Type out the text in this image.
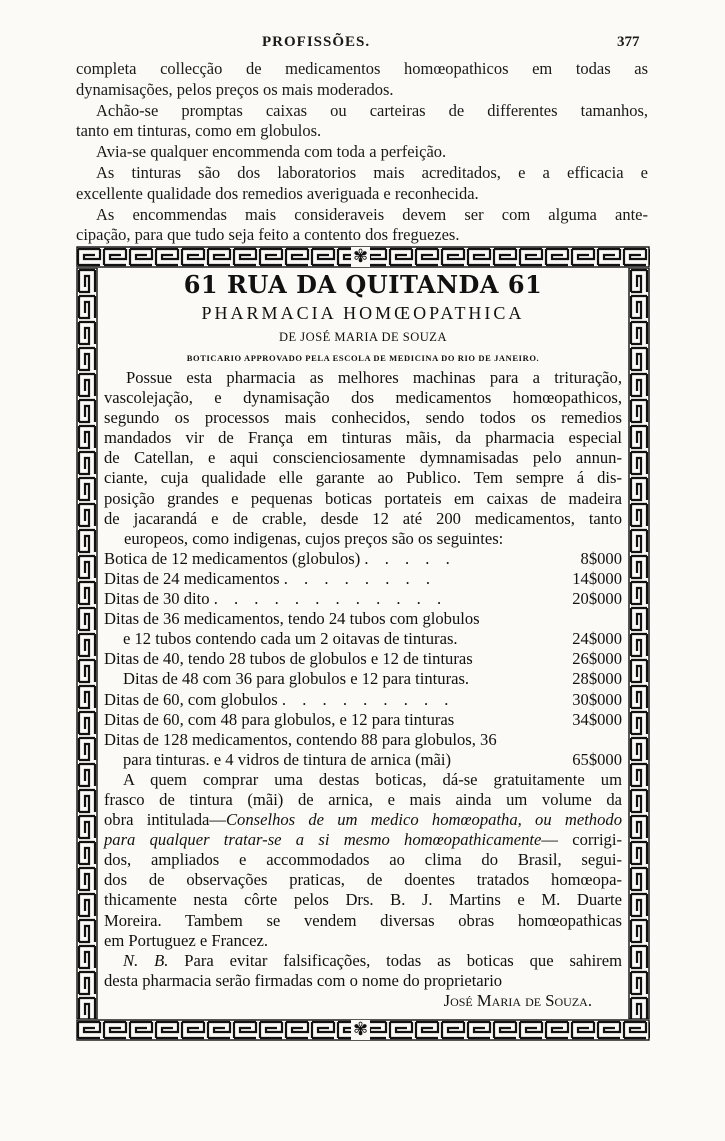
PROFISSÕES.	377
completa collecção de medicamentos homœopathicos em todas as
dynamisações, pelos preços os mais moderados.
Achão-se promptas caixas ou carteiras de differentes tamanhos,
tanto em tinturas, como em globulos.
Avia-se qualquer encommenda com toda a perfeição.
As tinturas são dos laboratorios mais acreditados, e a efficacia e
excellente qualidade dos remedios averiguada e reconhecida.
As encommendas mais consideraveis devem ser com alguma ante-
cipação, para que tudo seja feito a contento dos freguezes.
✾
✾
61 RUA DA QUITANDA 61
PHARMACIA HOMŒOPATHICA
DE JOSÉ MARIA DE SOUZA
BOTICARIO APPROVADO PELA ESCOLA DE MEDICINA DO RIO DE JANEIRO.
Possue esta pharmacia as melhores machinas para a trituração,
vascolejação, e dynamisação dos medicamentos homœopathicos,
segundo os processos mais conhecidos, sendo todos os remedios
mandados vir de França em tinturas mãis, da pharmacia especial
de Catellan, e aqui conscienciosamente dymnamisadas pelo annun-
ciante, cuja qualidade elle garante ao Publico. Tem sempre á dis-
posição grandes e pequenas boticas portateis em caixas de madeira
de jacarandá e de crable, desde 12 até 200 medicamentos, tanto
europeos, como indigenas, cujos preços são os seguintes:
Botica de 12 medicamentos (globulos) . . . . .	8$000
Ditas de 24 medicamentos . . . . . . . .	14$000
Ditas de 30 dito . . . . . . . . . . . .	20$000
Ditas de 36 medicamentos, tendo 24 tubos com globulos
e 12 tubos contendo cada um 2 oitavas de tinturas.	24$000
Ditas de 40, tendo 28 tubos de globulos e 12 de tinturas	26$000
Ditas de 48 com 36 para globulos e 12 para tinturas.	28$000
Ditas de 60, com globulos . . . . . . . . .	30$000
Ditas de 60, com 48 para globulos, e 12 para tinturas	34$000
Ditas de 128 medicamentos, contendo 88 para globulos, 36
para tinturas. e 4 vidros de tintura de arnica (mãi)	65$000
A quem comprar uma destas boticas, dá-se gratuitamente um
frasco de tintura (mãi) de arnica, e mais ainda um volume da
obra intitulada—Conselhos de um medico homœopatha, ou methodo
para qualquer tratar-se a si mesmo homœopathicamente— corrigi-
dos, ampliados e accommodados ao clima do Brasil, segui-
dos de observações praticas, de doentes tratados homœopa-
thicamente nesta côrte pelos Drs. B. J. Martins e M. Duarte
Moreira. Tambem se vendem diversas obras homœopathicas
em Portuguez e Francez.
N. B. Para evitar falsificações, todas as boticas que sahirem
desta pharmacia serão firmadas com o nome do proprietario
José Maria de Souza.
